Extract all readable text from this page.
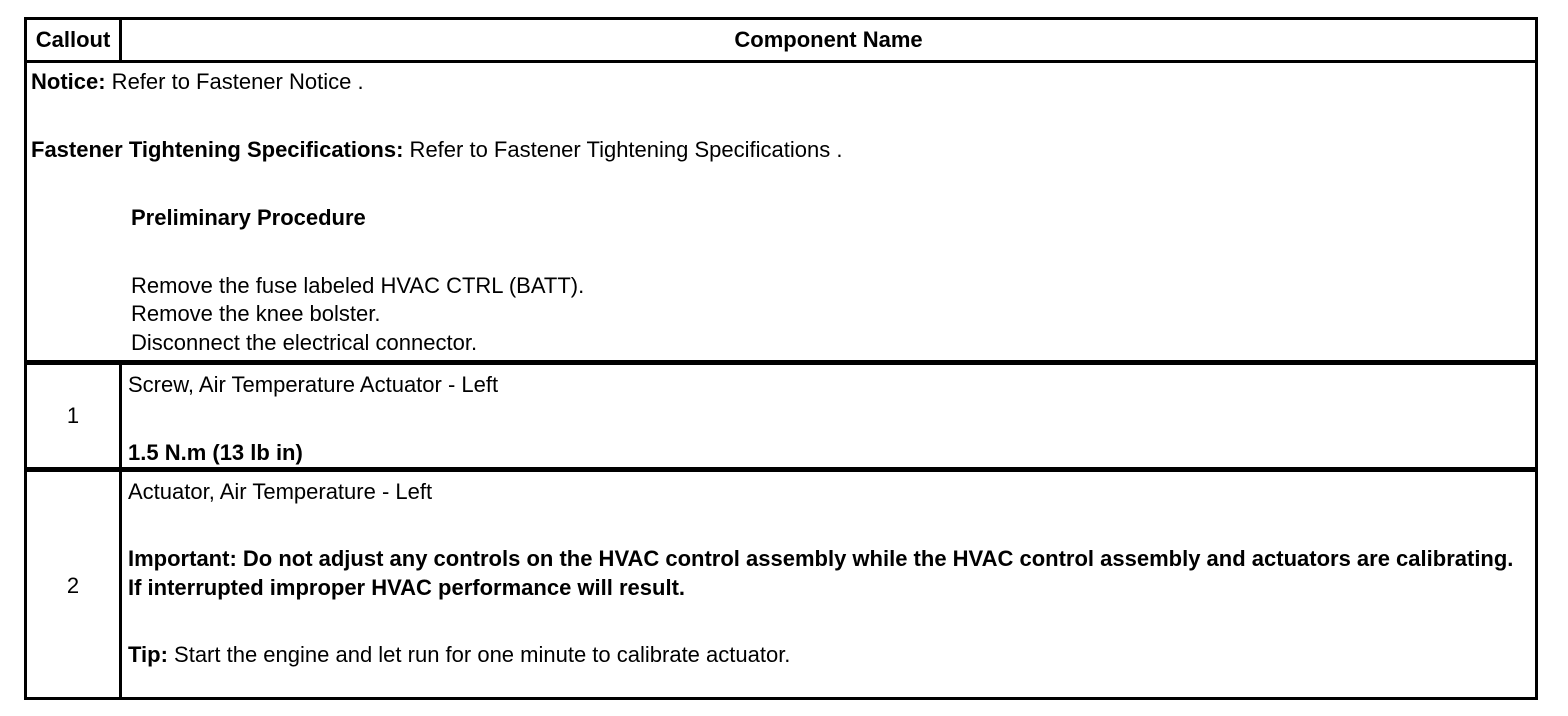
Callout	Component Name
Notice: Refer to Fastener Notice .
Fastener Tightening Specifications: Refer to Fastener Tightening Specifications .
Preliminary Procedure
Remove the fuse labeled HVAC CTRL (BATT).
Remove the knee bolster.
Disconnect the electrical connector.
1
Screw, Air Temperature Actuator - Left
1.5 N.m (13 lb in)
2
Actuator, Air Temperature - Left
Important: Do not adjust any controls on the HVAC control assembly while the HVAC control assembly and actuators are calibrating. If interrupted improper HVAC performance will result.
Tip: Start the engine and let run for one minute to calibrate actuator.
